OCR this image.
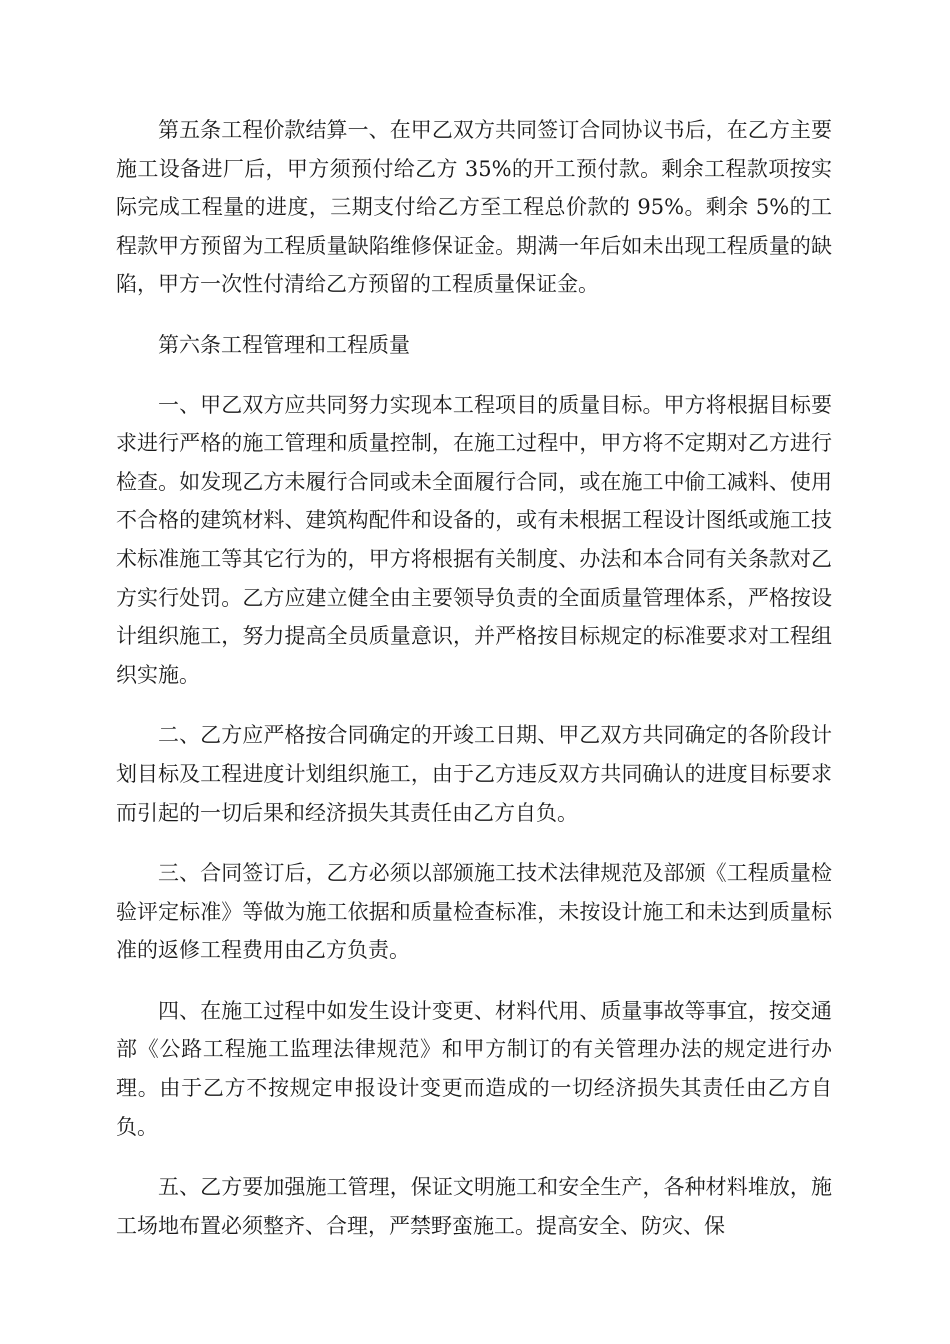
第五条工程价款结算一、在甲乙双方共同签订合同协议书后，在乙方主要施工设备进厂后，甲方须预付给乙方 35%的开工预付款。剩余工程款项按实际完成工程量的进度，三期支付给乙方至工程总价款的 95%。剩余 5%的工程款甲方预留为工程质量缺陷维修保证金。期满一年后如未出现工程质量的缺陷，甲方一次性付清给乙方预留的工程质量保证金。

第六条工程管理和工程质量

一、甲乙双方应共同努力实现本工程项目的质量目标。甲方将根据目标要求进行严格的施工管理和质量控制，在施工过程中，甲方将不定期对乙方进行检查。如发现乙方未履行合同或未全面履行合同，或在施工中偷工减料、使用不合格的建筑材料、建筑构配件和设备的，或有未根据工程设计图纸或施工技术标准施工等其它行为的，甲方将根据有关制度、办法和本合同有关条款对乙方实行处罚。乙方应建立健全由主要领导负责的全面质量管理体系，严格按设计组织施工，努力提高全员质量意识，并严格按目标规定的标准要求对工程组织实施。

二、乙方应严格按合同确定的开竣工日期、甲乙双方共同确定的各阶段计划目标及工程进度计划组织施工，由于乙方违反双方共同确认的进度目标要求而引起的一切后果和经济损失其责任由乙方自负。

三、合同签订后，乙方必须以部颁施工技术法律规范及部颁《工程质量检验评定标准》等做为施工依据和质量检查标准，未按设计施工和未达到质量标准的返修工程费用由乙方负责。

四、在施工过程中如发生设计变更、材料代用、质量事故等事宜，按交通部《公路工程施工监理法律规范》和甲方制订的有关管理办法的规定进行办理。由于乙方不按规定申报设计变更而造成的一切经济损失其责任由乙方自负。

五、乙方要加强施工管理，保证文明施工和安全生产，各种材料堆放，施工场地布置必须整齐、合理，严禁野蛮施工。提高安全、防灾、保
